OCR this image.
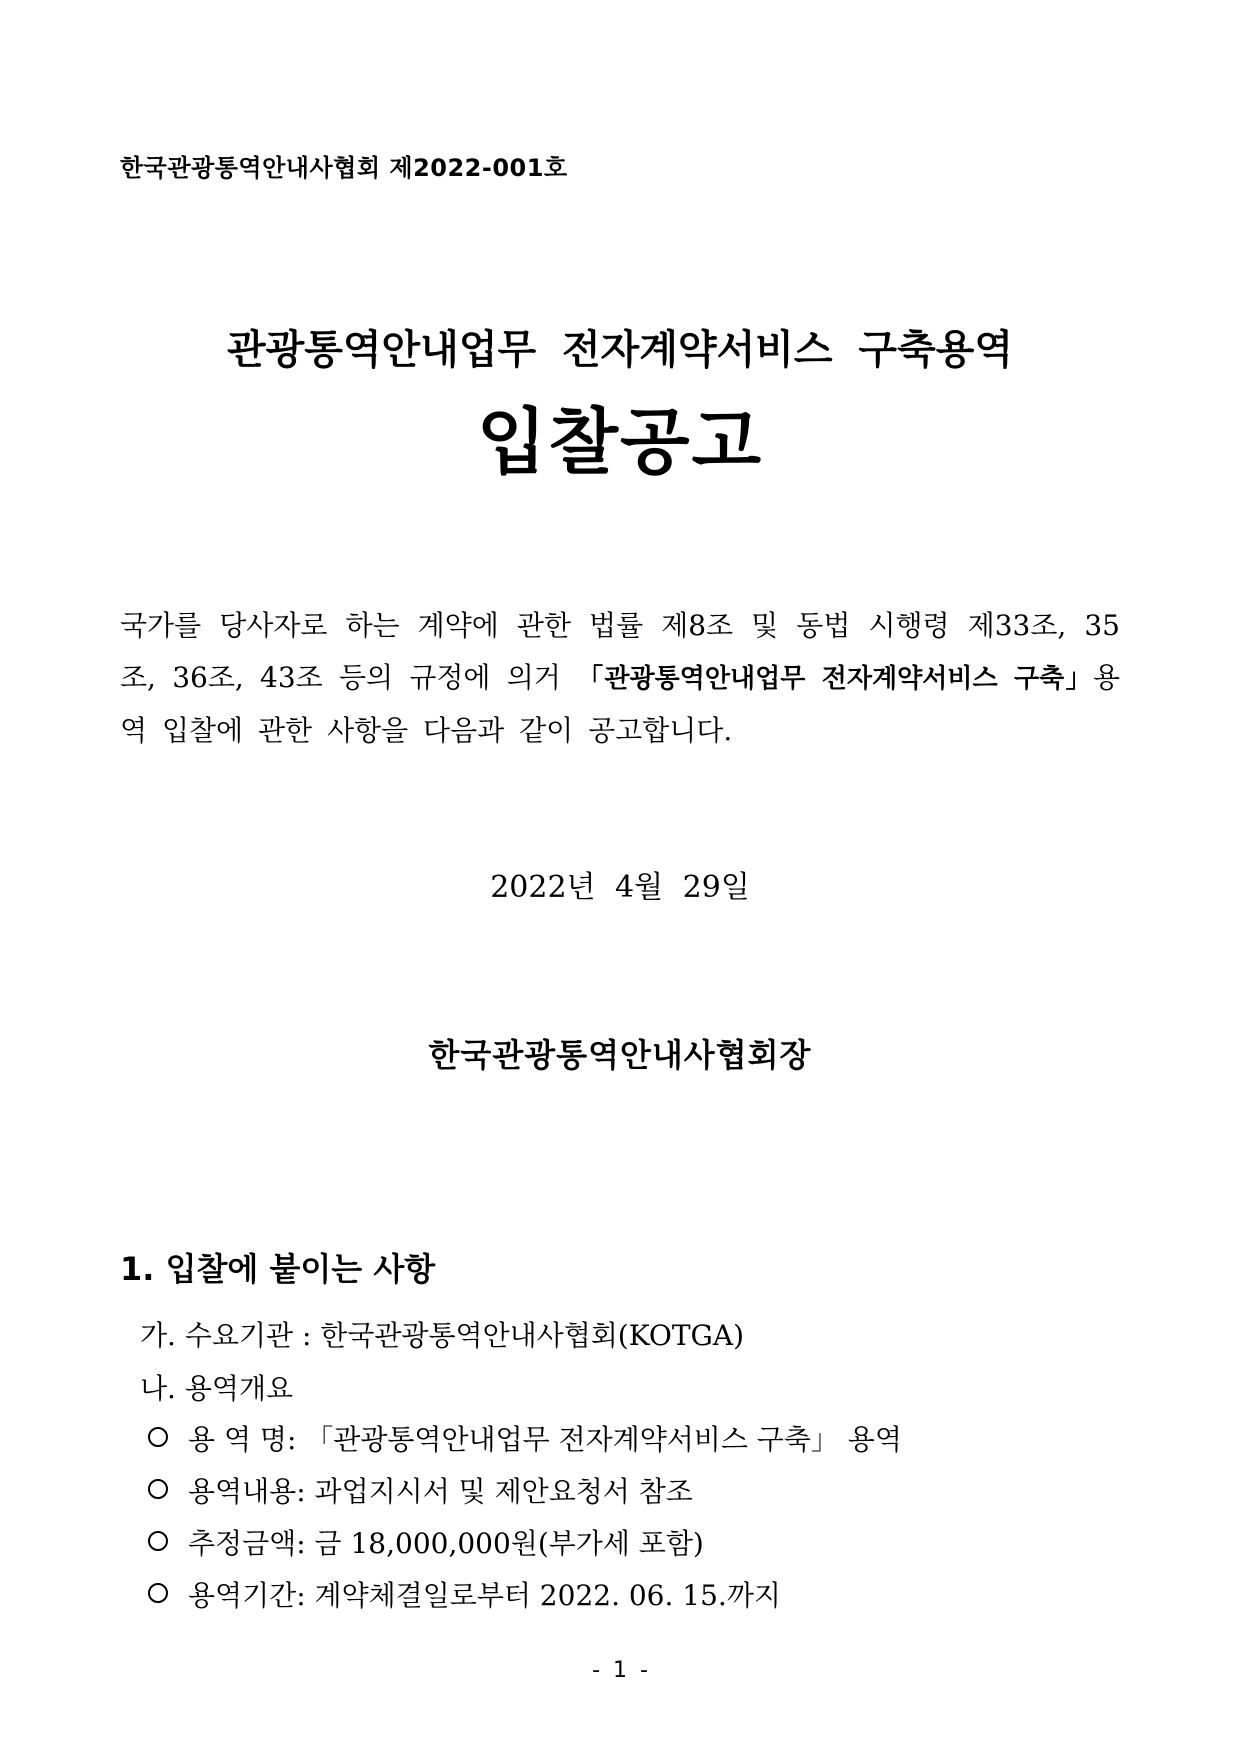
한국관광통역안내사협회 제2022-001호
관광통역안내업무 전자계약서비스 구축용역
입찰공고
국가를 당사자로 하는 계약에 관한 법률 제8조 및 동법 시행령 제33조, 35조, 36조, 43조 등의 규정에 의거 「관광통역안내업무 전자계약서비스 구축」용역 입찰에 관한 사항을 다음과 같이 공고합니다.
2022년 4월 29일
한국관광통역안내사협회장
1. 입찰에 붙이는 사항
가. 수요기관 : 한국관광통역안내사협회(KOTGA)
나. 용역개요
용 역 명: 「관광통역안내업무 전자계약서비스 구축」 용역
용역내용: 과업지시서 및 제안요청서 참조
추정금액: 금 18,000,000원(부가세 포함)
용역기간: 계약체결일로부터 2022. 06. 15.까지
- 1 -
